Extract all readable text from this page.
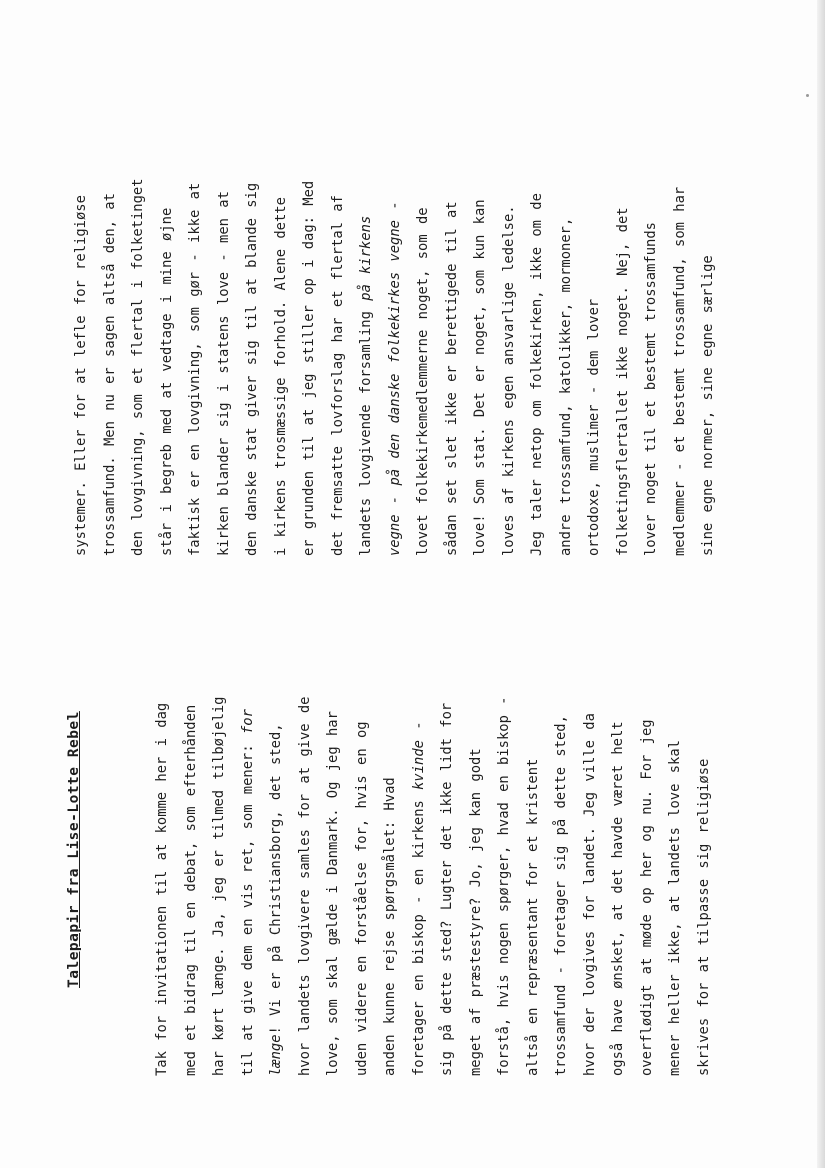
Talepapir fra Lise-Lotte Rebel	Tak for invitationen til at komme her i dag med et bidrag til en debat, som efterhånden har kørt længe. Ja, jeg er tilmed tilbøjelig til at give dem en vis ret, som mener: for
længe! Vi er på Christiansborg, det sted, hvor landets lovgivere samles for at give de love, som skal gælde i Danmark. Og jeg har uden videre en forståelse for, hvis en og anden kunne rejse spørgsmålet: Hvad foretager en biskop - en kirkens kvinde - sig på dette sted? Lugter det ikke lidt for meget af præstestyre? Jo, jeg kan godt forstå, hvis nogen spørger, hvad en biskop - altså en repræsentant for et kristent trossamfund - foretager sig på dette sted, hvor der lovgives for landet. Jeg ville da også have ønsket, at det havde været helt overflødigt at møde op her og nu. For jeg mener heller ikke, at landets love skal skrives for at tilpasse sig religiøse
systemer. Eller for at lefle for religiøse trossamfund. Men nu er sagen altså den, at den lovgivning, som et flertal i folketinget står i begreb med at vedtage i mine øjne faktisk er en lovgivning, som gør - ikke at kirken blander sig i statens love - men at den danske stat giver sig til at blande sig i kirkens trosmæssige forhold. Alene dette er grunden til at jeg stiller op i dag: Med det fremsatte lovforslag har et flertal af landets lovgivende forsamling på kirkens vegne - på den danske folkekirkes vegne - lovet folkekirkemedlemmerne noget, som de sådan set slet ikke er berettigede til at love! Som stat. Det er noget, som kun kan loves af kirkens egen ansvarlige ledelse. Jeg taler netop om folkekirken, ikke om de andre trossamfund, katolikker, mormoner, ortodoxe, muslimer - dem lover folketingsflertallet ikke noget. Nej, det lover noget til et bestemt trossamfunds medlemmer - et bestemt trossamfund, som har sine egne normer, sine egne særlige
